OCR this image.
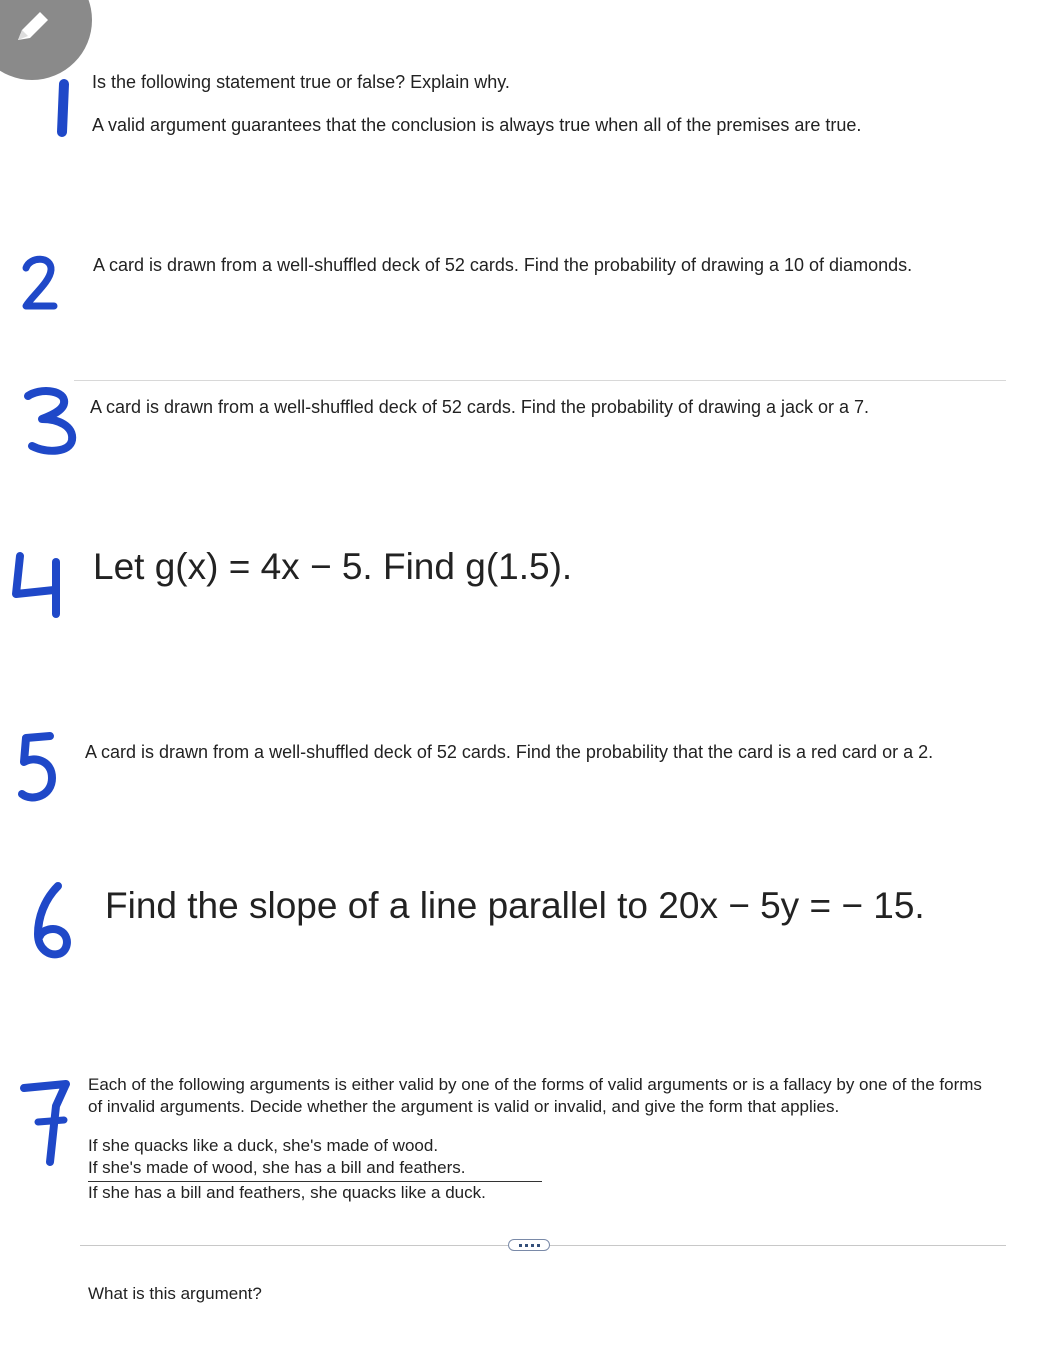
Is the following statement true or false? Explain why.
A valid argument guarantees that the conclusion is always true when all of the premises are true.
A card is drawn from a well-shuffled deck of 52 cards. Find the probability of drawing a 10 of diamonds.
A card is drawn from a well-shuffled deck of 52 cards. Find the probability of drawing a jack or a 7.
Let g(x) = 4x − 5. Find g(1.5).
A card is drawn from a well-shuffled deck of 52 cards. Find the probability that the card is a red card or a 2.
Find the slope of a line parallel to 20x − 5y = − 15.
Each of the following arguments is either valid by one of the forms of valid arguments or is a fallacy by one of the forms of invalid arguments. Decide whether the argument is valid or invalid, and give the form that applies.
If she quacks like a duck, she's made of wood.
If she's made of wood, she has a bill and feathers.
If she has a bill and feathers, she quacks like a duck.
What is this argument?
